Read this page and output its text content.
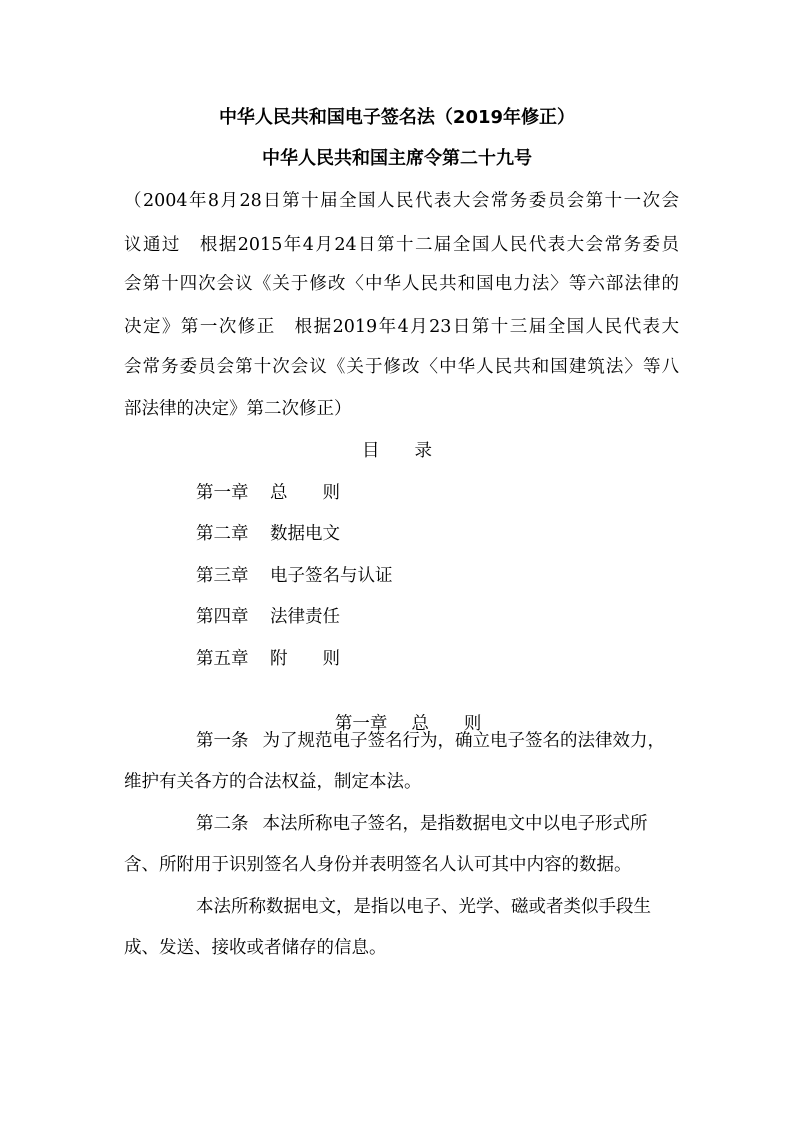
中华人民共和国电子签名法（2019年修正）
中华人民共和国主席令第二十九号
（2004年8月28日第十届全国人民代表大会常务委员会第十一次会
议通过　根据2015年4月24日第十二届全国人民代表大会常务委员
会第十四次会议《关于修改〈中华人民共和国电力法〉等六部法律的
决定》第一次修正　根据2019年4月23日第十三届全国人民代表大
会常务委员会第十次会议《关于修改〈中华人民共和国建筑法〉等八
部法律的决定》第二次修正）
目　　录
第一章 总　　则
第二章 数据电文
第三章 电子签名与认证
第四章 法律责任
第五章 附　　则

第一章 总　　则

第一条 为了规范电子签名行为，确立电子签名的法律效力，
维护有关各方的合法权益，制定本法。
第二条 本法所称电子签名，是指数据电文中以电子形式所
含、所附用于识别签名人身份并表明签名人认可其中内容的数据。
本法所称数据电文，是指以电子、光学、磁或者类似手段生
成、发送、接收或者储存的信息。
